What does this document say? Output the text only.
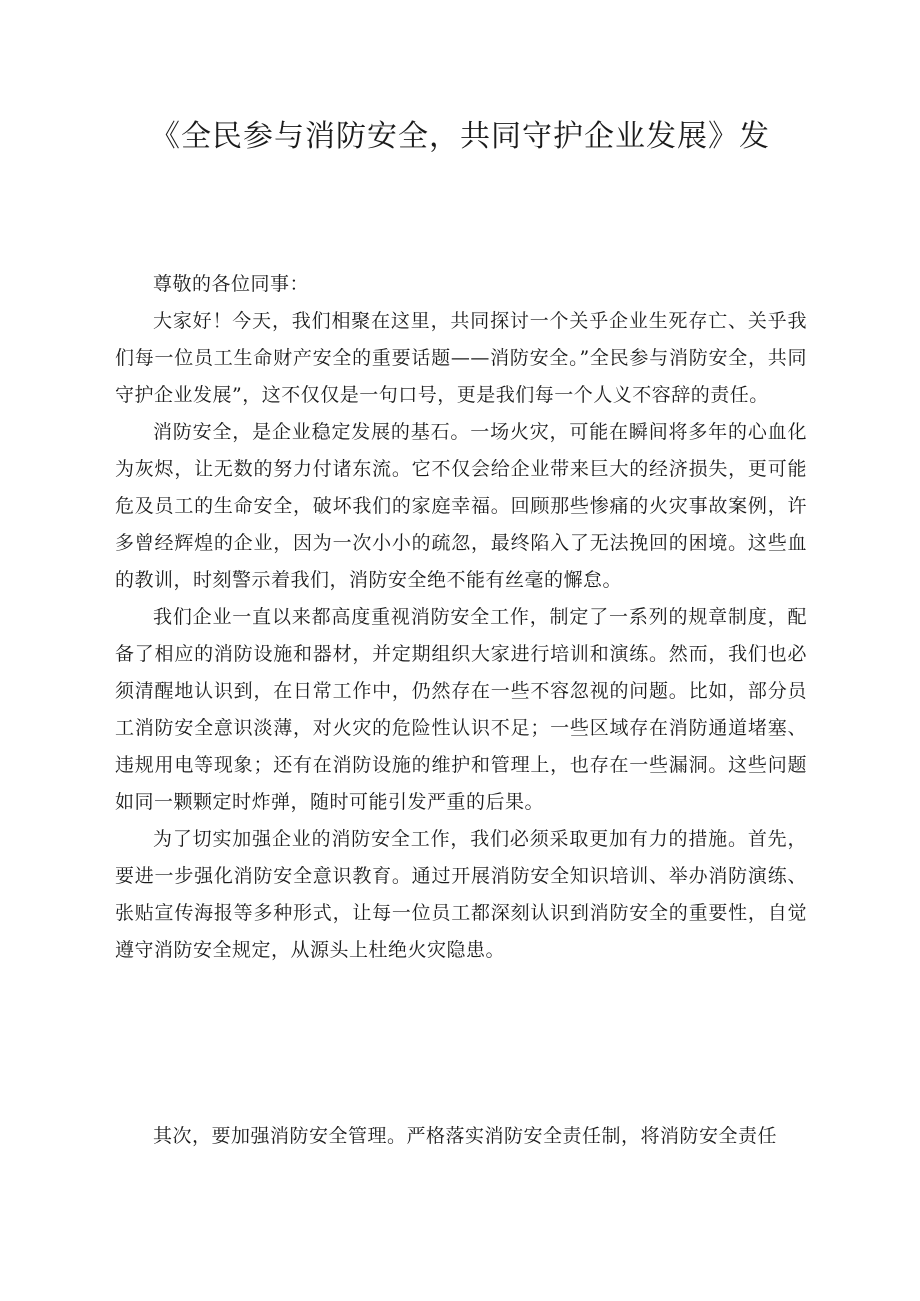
《全民参与消防安全，共同守护企业发展》发

尊敬的各位同事：

大家好！今天，我们相聚在这里，共同探讨一个关乎企业生死存亡、关乎我们每一位员工生命财产安全的重要话题——消防安全。”全民参与消防安全，共同守护企业发展”，这不仅仅是一句口号，更是我们每一个人义不容辞的责任。

消防安全，是企业稳定发展的基石。一场火灾，可能在瞬间将多年的心血化为灰烬，让无数的努力付诸东流。它不仅会给企业带来巨大的经济损失，更可能危及员工的生命安全，破坏我们的家庭幸福。回顾那些惨痛的火灾事故案例，许多曾经辉煌的企业，因为一次小小的疏忽，最终陷入了无法挽回的困境。这些血的教训，时刻警示着我们，消防安全绝不能有丝毫的懈怠。

我们企业一直以来都高度重视消防安全工作，制定了一系列的规章制度，配备了相应的消防设施和器材，并定期组织大家进行培训和演练。然而，我们也必须清醒地认识到，在日常工作中，仍然存在一些不容忽视的问题。比如，部分员工消防安全意识淡薄，对火灾的危险性认识不足；一些区域存在消防通道堵塞、违规用电等现象；还有在消防设施的维护和管理上，也存在一些漏洞。这些问题如同一颗颗定时炸弹，随时可能引发严重的后果。

为了切实加强企业的消防安全工作，我们必须采取更加有力的措施。首先，要进一步强化消防安全意识教育。通过开展消防安全知识培训、举办消防演练、张贴宣传海报等多种形式，让每一位员工都深刻认识到消防安全的重要性，自觉遵守消防安全规定，从源头上杜绝火灾隐患。

其次，要加强消防安全管理。严格落实消防安全责任制，将消防安全责任
